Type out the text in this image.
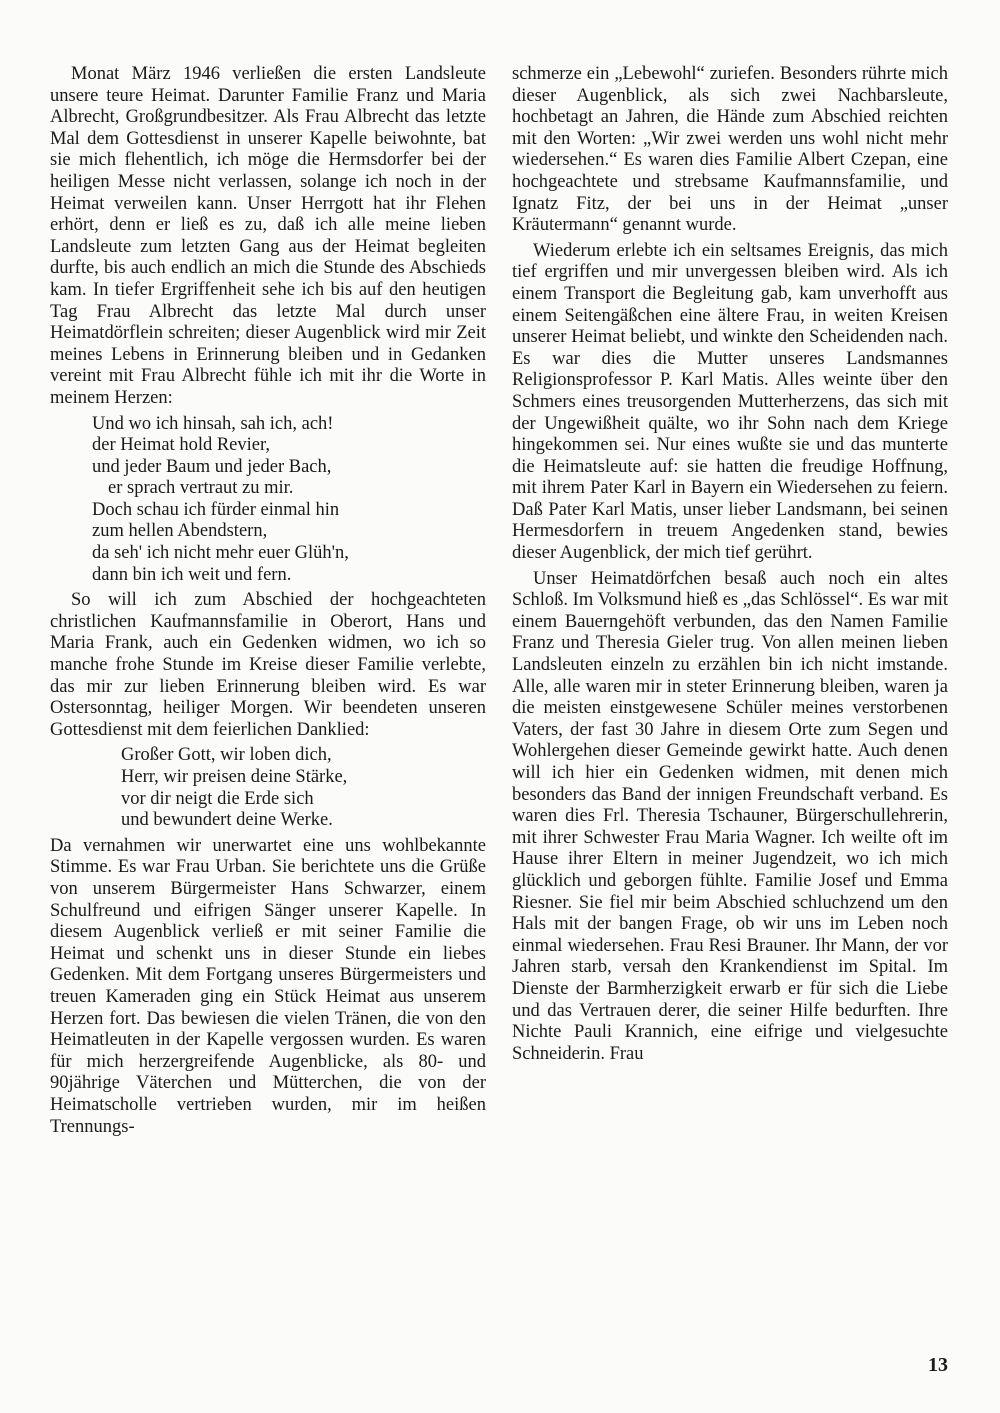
Monat März 1946 verließen die ersten Landsleute unsere teure Heimat. Darunter Familie Franz und Maria Albrecht, Großgrundbesitzer. Als Frau Albrecht das letzte Mal dem Gottesdienst in unserer Kapelle beiwohnte, bat sie mich flehentlich, ich möge die Hermsdorfer bei der heiligen Messe nicht verlassen, solange ich noch in der Heimat verweilen kann. Unser Herrgott hat ihr Flehen erhört, denn er ließ es zu, daß ich alle meine lieben Landsleute zum letzten Gang aus der Heimat begleiten durfte, bis auch endlich an mich die Stunde des Abschieds kam. In tiefer Ergriffenheit sehe ich bis auf den heutigen Tag Frau Albrecht das letzte Mal durch unser Heimatdörflein schreiten; dieser Augenblick wird mir Zeit meines Lebens in Erinnerung bleiben und in Gedanken vereint mit Frau Albrecht fühle ich mit ihr die Worte in meinem Herzen:

Und wo ich hinsah, sah ich, ach!
der Heimat hold Revier,
und jeder Baum und jeder Bach,
er sprach vertraut zu mir.
Doch schau ich fürder einmal hin
zum hellen Abendstern,
da seh' ich nicht mehr euer Glüh'n,
dann bin ich weit und fern.

So will ich zum Abschied der hochgeachteten christlichen Kaufmannsfamilie in Oberort, Hans und Maria Frank, auch ein Gedenken widmen, wo ich so manche frohe Stunde im Kreise dieser Familie verlebte, das mir zur lieben Erinnerung bleiben wird. Es war Ostersonntag, heiliger Morgen. Wir beendeten unseren Gottesdienst mit dem feierlichen Danklied:

Großer Gott, wir loben dich,
Herr, wir preisen deine Stärke,
vor dir neigt die Erde sich
und bewundert deine Werke.

Da vernahmen wir unerwartet eine uns wohlbekannte Stimme. Es war Frau Urban. Sie berichtete uns die Grüße von unserem Bürgermeister Hans Schwarzer, einem Schulfreund und eifrigen Sänger unserer Kapelle. In diesem Augenblick verließ er mit seiner Familie die Heimat und schenkt uns in dieser Stunde ein liebes Gedenken. Mit dem Fortgang unseres Bürgermeisters und treuen Kameraden ging ein Stück Heimat aus unserem Herzen fort. Das bewiesen die vielen Tränen, die von den Heimatleuten in der Kapelle vergossen wurden. Es waren für mich herzergreifende Augenblicke, als 80- und 90jährige Väterchen und Mütterchen, die von der Heimatscholle vertrieben wurden, mir im heißen Trennungs-

schmerze ein „Lebewohl“ zuriefen. Besonders rührte mich dieser Augenblick, als sich zwei Nachbarsleute, hochbetagt an Jahren, die Hände zum Abschied reichten mit den Worten: „Wir zwei werden uns wohl nicht mehr wiedersehen.“ Es waren dies Familie Albert Czepan, eine hochgeachtete und strebsame Kaufmannsfamilie, und Ignatz Fitz, der bei uns in der Heimat „unser Kräutermann“ genannt wurde.

Wiederum erlebte ich ein seltsames Ereignis, das mich tief ergriffen und mir unvergessen bleiben wird. Als ich einem Transport die Begleitung gab, kam unverhofft aus einem Seitengäßchen eine ältere Frau, in weiten Kreisen unserer Heimat beliebt, und winkte den Scheidenden nach. Es war dies die Mutter unseres Landsmannes Religionsprofessor P. Karl Matis. Alles weinte über den Schmers eines treusorgenden Mutterherzens, das sich mit der Ungewißheit quälte, wo ihr Sohn nach dem Kriege hingekommen sei. Nur eines wußte sie und das munterte die Heimatsleute auf: sie hatten die freudige Hoffnung, mit ihrem Pater Karl in Bayern ein Wiedersehen zu feiern. Daß Pater Karl Matis, unser lieber Landsmann, bei seinen Hermesdorfern in treuem Angedenken stand, bewies dieser Augenblick, der mich tief gerührt.

Unser Heimatdörfchen besaß auch noch ein altes Schloß. Im Volksmund hieß es „das Schlössel“. Es war mit einem Bauerngehöft verbunden, das den Namen Familie Franz und Theresia Gieler trug. Von allen meinen lieben Landsleuten einzeln zu erzählen bin ich nicht imstande. Alle, alle waren mir in steter Erinnerung bleiben, waren ja die meisten einstgewesene Schüler meines verstorbenen Vaters, der fast 30 Jahre in diesem Orte zum Segen und Wohlergehen dieser Gemeinde gewirkt hatte. Auch denen will ich hier ein Gedenken widmen, mit denen mich besonders das Band der innigen Freundschaft verband. Es waren dies Frl. Theresia Tschauner, Bürgerschullehrerin, mit ihrer Schwester Frau Maria Wagner. Ich weilte oft im Hause ihrer Eltern in meiner Jugendzeit, wo ich mich glücklich und geborgen fühlte. Familie Josef und Emma Riesner. Sie fiel mir beim Abschied schluchzend um den Hals mit der bangen Frage, ob wir uns im Leben noch einmal wiedersehen. Frau Resi Brauner. Ihr Mann, der vor Jahren starb, versah den Krankendienst im Spital. Im Dienste der Barmherzigkeit erwarb er für sich die Liebe und das Vertrauen derer, die seiner Hilfe bedurften. Ihre Nichte Pauli Krannich, eine eifrige und vielgesuchte Schneiderin. Frau

13
